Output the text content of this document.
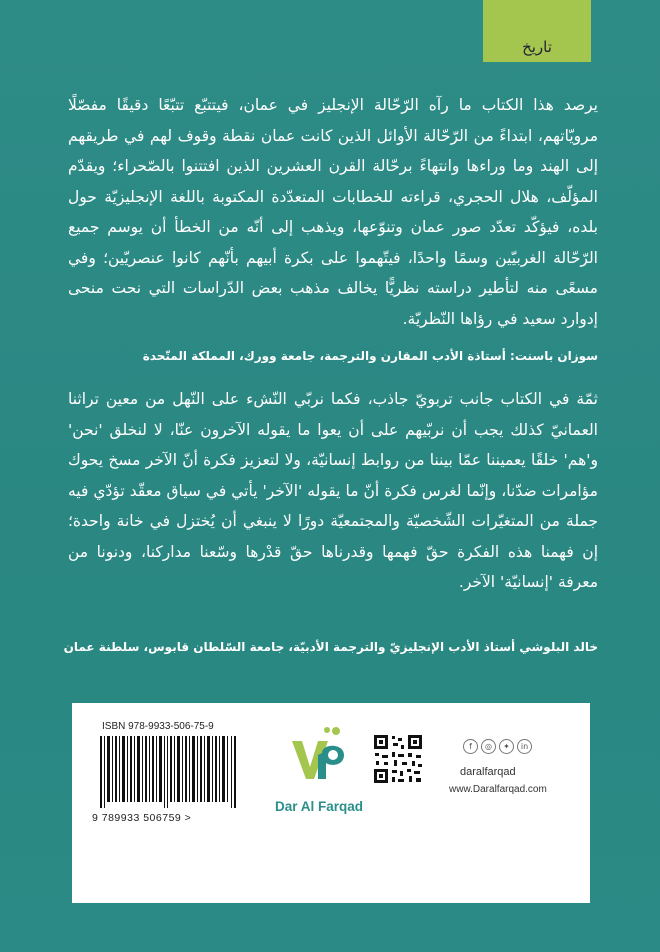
تاريخ

يرصد هذا الكتاب ما رآه الرّحّالة الإنجليز في عمان، فيتتبّع تتبّعًا دقيقًا مفصّلًا مرويّاتهم، ابتداءً من الرّحّالة الأوائل الذين كانت عمان نقطة وقوف لهم في طريقهم إلى الهند وما وراءها وانتهاءً برحّالة القرن العشرين الذين افتتنوا بالصّحراء؛ ويقدّم المؤلّف، هلال الحجري، قراءته للخطابات المتعدّدة المكتوبة باللغة الإنجليزيّة حول بلده، فيؤكّد تعدّد صور عمان وتنوّعها، ويذهب إلى أنّه من الخطأ أن يوسم جميع الرّحّالة الغربيّين وسمًا واحدًا، فيتّهموا على بكرة أبيهم بأنّهم كانوا عنصريّين؛ وفي مسعًى منه لتأطير دراسته نظريًّا يخالف مذهب بعض الدّراسات التي نحت منحى إدوارد سعيد في رؤاها النّظريّة.

سوزان باسنت: أستاذة الأدب المقارن والترجمة، جامعة وورك، المملكة المتّحدة

ثمّة في الكتاب جانب تربويّ جاذب، فكما نربّي النّشء على النّهل من معين تراثنا العمانيّ كذلك يجب أن نربّيهم على أن يعوا ما يقوله الآخرون عنّا، لا لنخلق 'نحن' و'هم' خلقًا يعميننا عمّا بيننا من روابط إنسانيّة، ولا لتعزيز فكرة أنّ الآخر مسخ يحوك مؤامرات ضدّنا، وإنّما لغرس فكرة أنّ ما يقوله 'الآخر' يأتي في سياق معقّد تؤدّي فيه جملة من المتغيّرات الشّخصيّة والمجتمعيّة دورًا لا ينبغي أن يُختزل في خانة واحدة؛ إن فهمنا هذه الفكرة حقّ فهمها وقدرناها حقّ قدْرها وسّعنا مداركنا، ودنونا من معرفة 'إنسانيّة' الآخر.

خالد البلوشي أستاذ الأدب الإنجليزيّ والترجمة الأدبيّة، جامعة السّلطان قابوس، سلطنة عمان
ISBN 978-9933-506-75-9
9 789933 506759 >
Dar Al Farqad
f	◎	✦	in
daralfarqad
www.Daralfarqad.com
